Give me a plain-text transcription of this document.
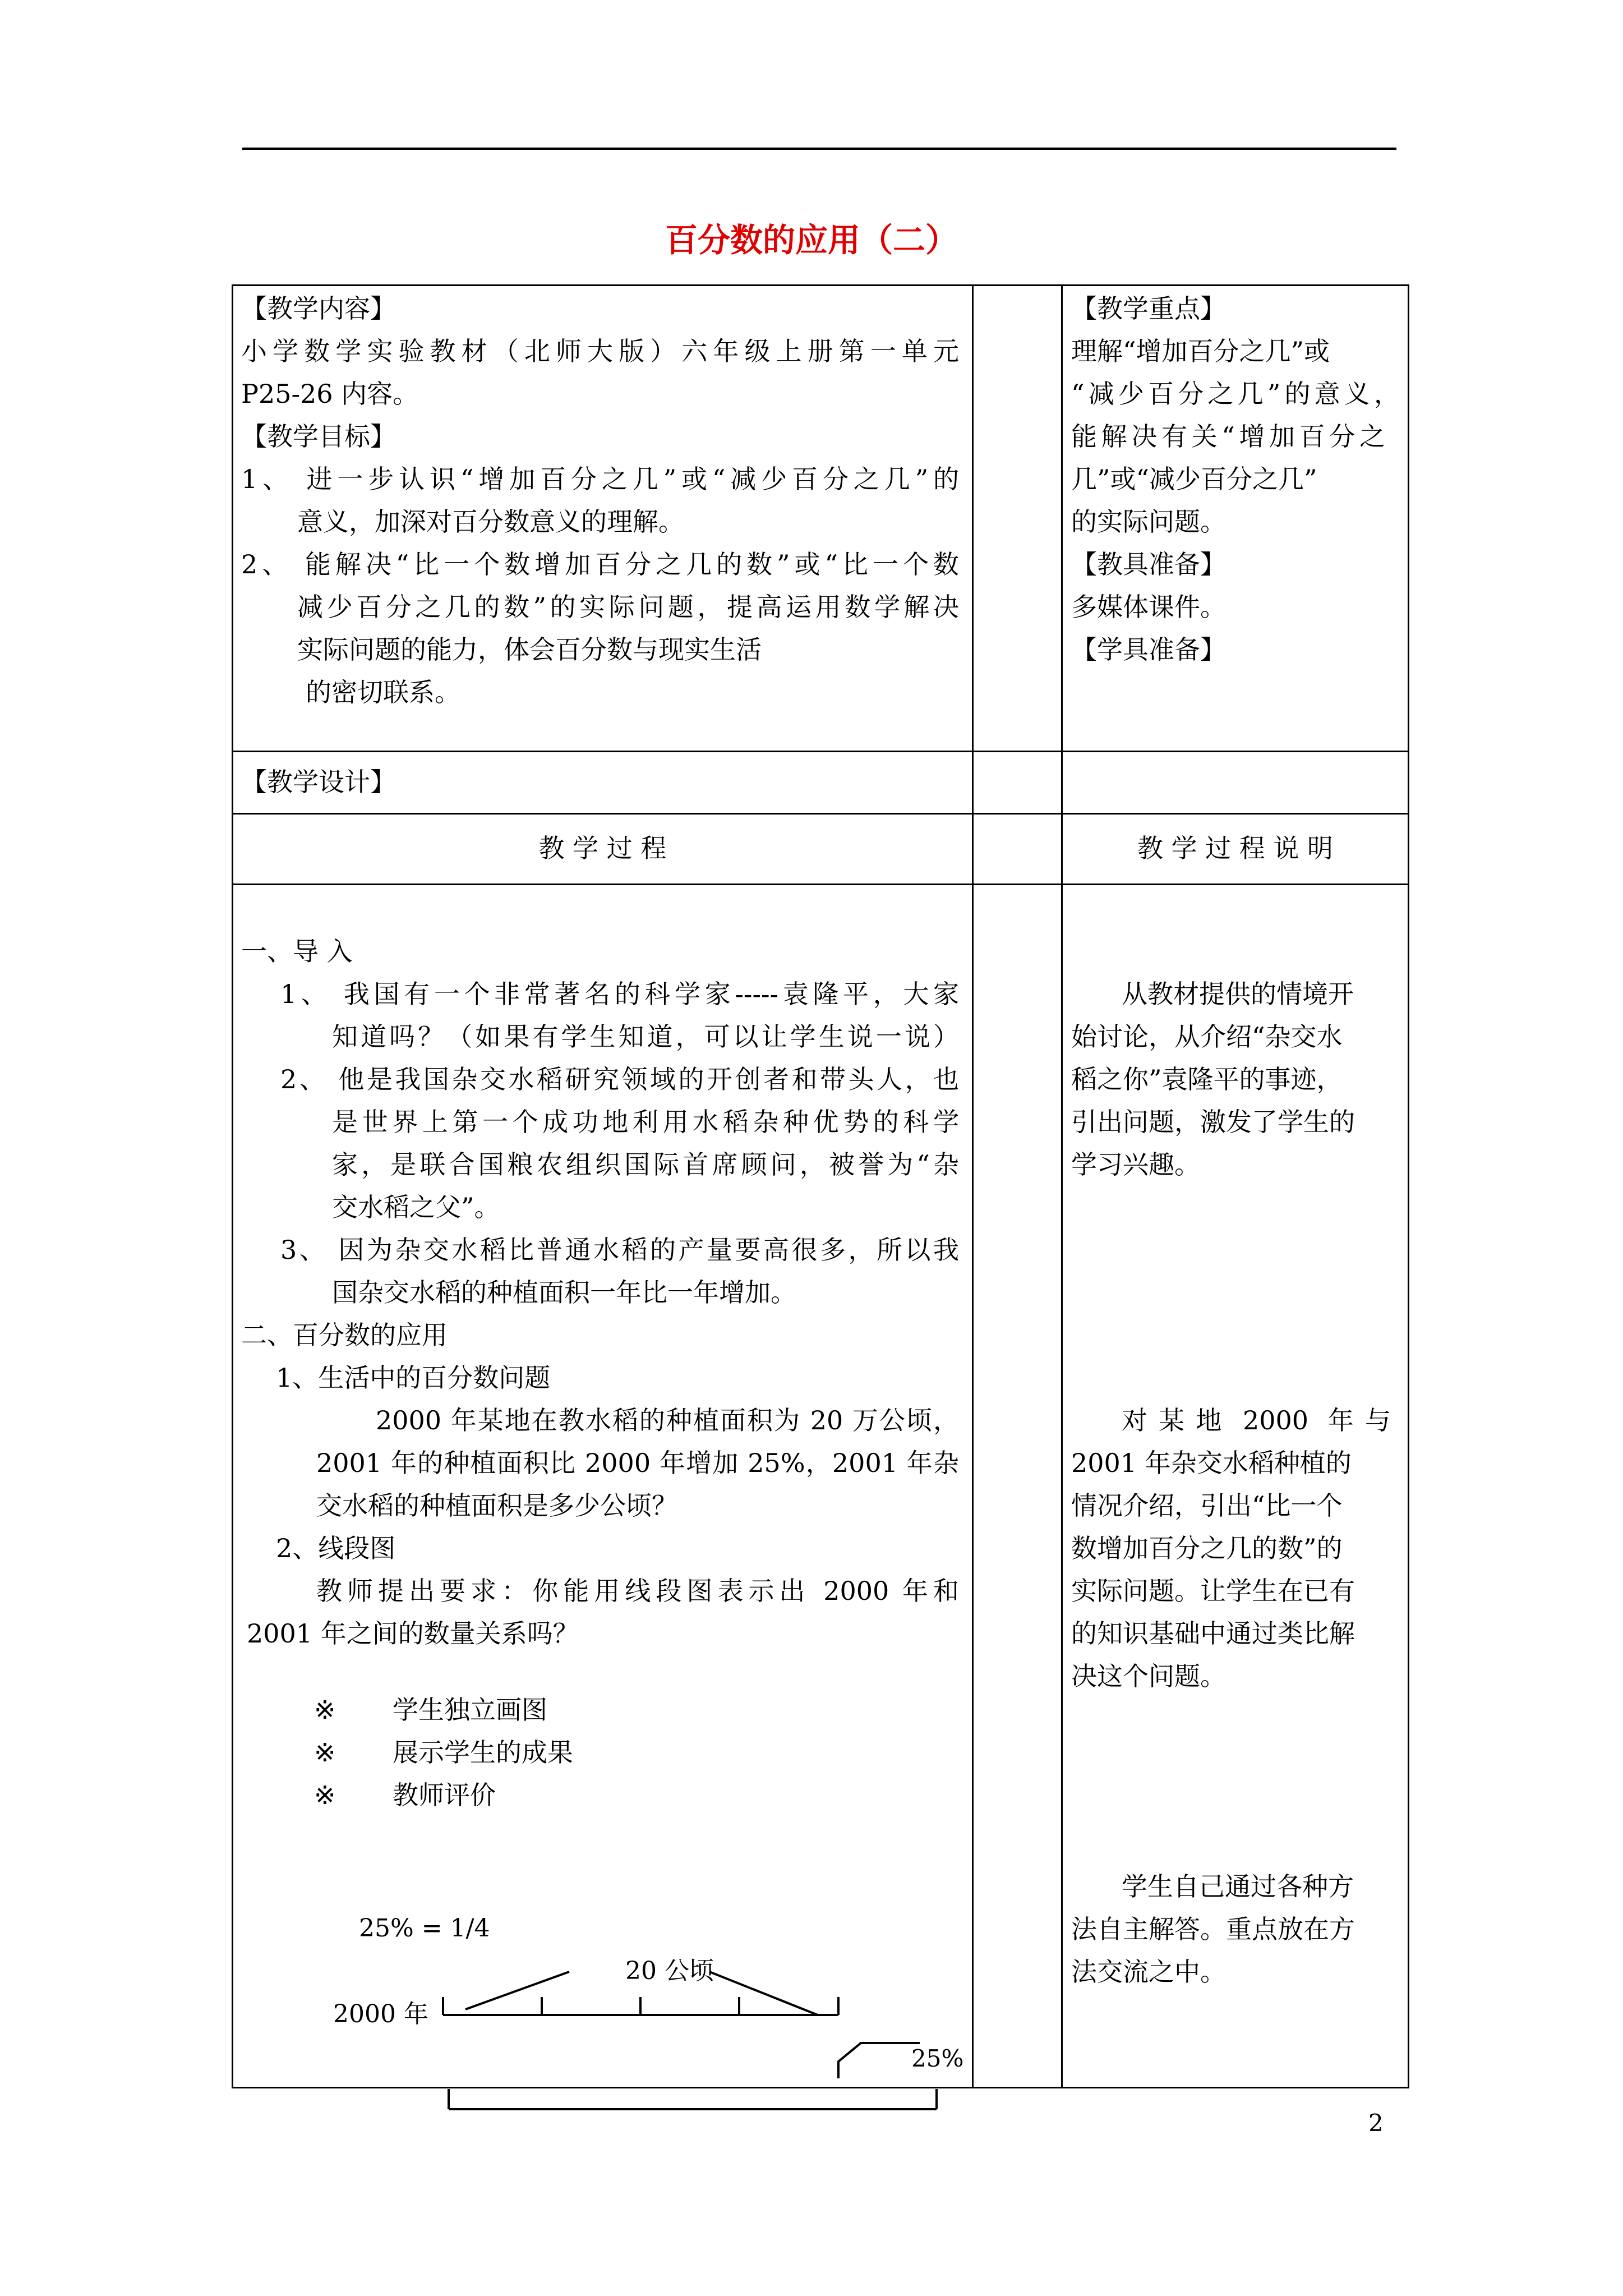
百分数的应用（二）
【教学内容】
小学数学实验教材（北师大版）六年级上册第一单元
P25-26 内容。
【教学目标】
1、 进一步认识“增加百分之几”或“减少百分之几”的
意义，加深对百分数意义的理解。
2、 能解决“比一个数增加百分之几的数”或“比一个数
减少百分之几的数”的实际问题，提高运用数学解决
实际问题的能力，体会百分数与现实生活
的密切联系。
【教学重点】
理解“增加百分之几”或
“减少百分之几”的意义，
能解决有关“增加百分之
几”或“减少百分之几”
的实际问题。
【教具准备】
多媒体课件。
【学具准备】
【教学设计】
教 学 过 程	教 学 过 程 说 明
一、导 入
1、 我国有一个非常著名的科学家-----袁隆平，大家
知道吗？（如果有学生知道，可以让学生说一说）
2、 他是我国杂交水稻研究领域的开创者和带头人，也
是世界上第一个成功地利用水稻杂种优势的科学
家，是联合国粮农组织国际首席顾问，被誉为“杂
交水稻之父”。
3、 因为杂交水稻比普通水稻的产量要高很多，所以我
国杂交水稻的种植面积一年比一年增加。
二、百分数的应用
1、生活中的百分数问题
2000 年某地在教水稻的种植面积为 20 万公顷，
2001 年的种植面积比 2000 年增加 25%，2001 年杂
交水稻的种植面积是多少公顷？
2、线段图
教师提出要求：你能用线段图表示出 2000 年和
2001 年之间的数量关系吗？
※ 学生独立画图
※ 展示学生的成果
※ 教师评价
25% = 1/4
20 公顷
2000 年
25%
从教材提供的情境开
始讨论，从介绍“杂交水
稻之你”袁隆平的事迹，
引出问题，激发了学生的
学习兴趣。
对 某 地  2000  年 与
2001 年杂交水稻种植的
情况介绍，引出“比一个
数增加百分之几的数”的
实际问题。让学生在已有
的知识基础中通过类比解
决这个问题。
学生自己通过各种方
法自主解答。重点放在方
法交流之中。
2
